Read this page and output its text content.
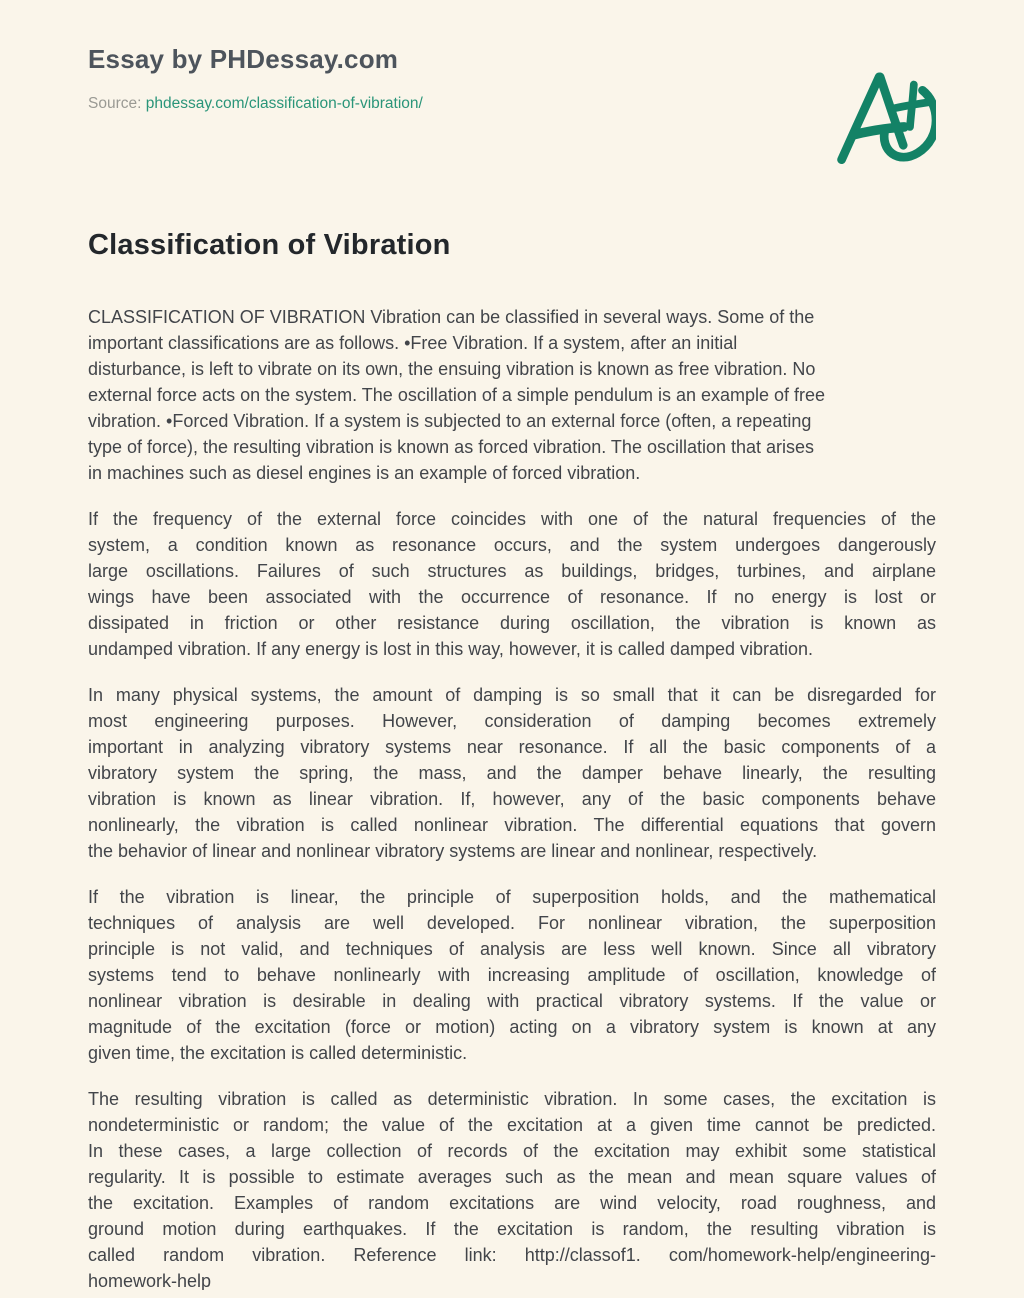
Essay by PHDessay.com

Source: phdessay.com/classification-of-vibration/

Classification of Vibration
CLASSIFICATION OF VIBRATION Vibration can be classified in several ways. Some of the
important classifications are as follows. •Free Vibration. If a system, after an initial
disturbance, is left to vibrate on its own, the ensuing vibration is known as free vibration. No
external force acts on the system. The oscillation of a simple pendulum is an example of free
vibration. •Forced Vibration. If a system is subjected to an external force (often, a repeating
type of force), the resulting vibration is known as forced vibration. The oscillation that arises
in machines such as diesel engines is an example of forced vibration.
If the frequency of the external force coincides with one of the natural frequencies of the
system, a condition known as resonance occurs, and the system undergoes dangerously
large oscillations. Failures of such structures as buildings, bridges, turbines, and airplane
wings have been associated with the occurrence of resonance. If no energy is lost or
dissipated in friction or other resistance during oscillation, the vibration is known as
undamped vibration. If any energy is lost in this way, however, it is called damped vibration.
In many physical systems, the amount of damping is so small that it can be disregarded for
most engineering purposes. However, consideration of damping becomes extremely
important in analyzing vibratory systems near resonance. If all the basic components of a
vibratory system the spring, the mass, and the damper behave linearly, the resulting
vibration is known as linear vibration. If, however, any of the basic components behave
nonlinearly, the vibration is called nonlinear vibration. The differential equations that govern
the behavior of linear and nonlinear vibratory systems are linear and nonlinear, respectively.
If the vibration is linear, the principle of superposition holds, and the mathematical
techniques of analysis are well developed. For nonlinear vibration, the superposition
principle is not valid, and techniques of analysis are less well known. Since all vibratory
systems tend to behave nonlinearly with increasing amplitude of oscillation, knowledge of
nonlinear vibration is desirable in dealing with practical vibratory systems. If the value or
magnitude of the excitation (force or motion) acting on a vibratory system is known at any
given time, the excitation is called deterministic.
The resulting vibration is called as deterministic vibration. In some cases, the excitation is
nondeterministic or random; the value of the excitation at a given time cannot be predicted.
In these cases, a large collection of records of the excitation may exhibit some statistical
regularity. It is possible to estimate averages such as the mean and mean square values of
the excitation. Examples of random excitations are wind velocity, road roughness, and
ground motion during earthquakes. If the excitation is random, the resulting vibration is
called random vibration. Reference link: http://classof1. com/homework-help/engineering-
homework-help
